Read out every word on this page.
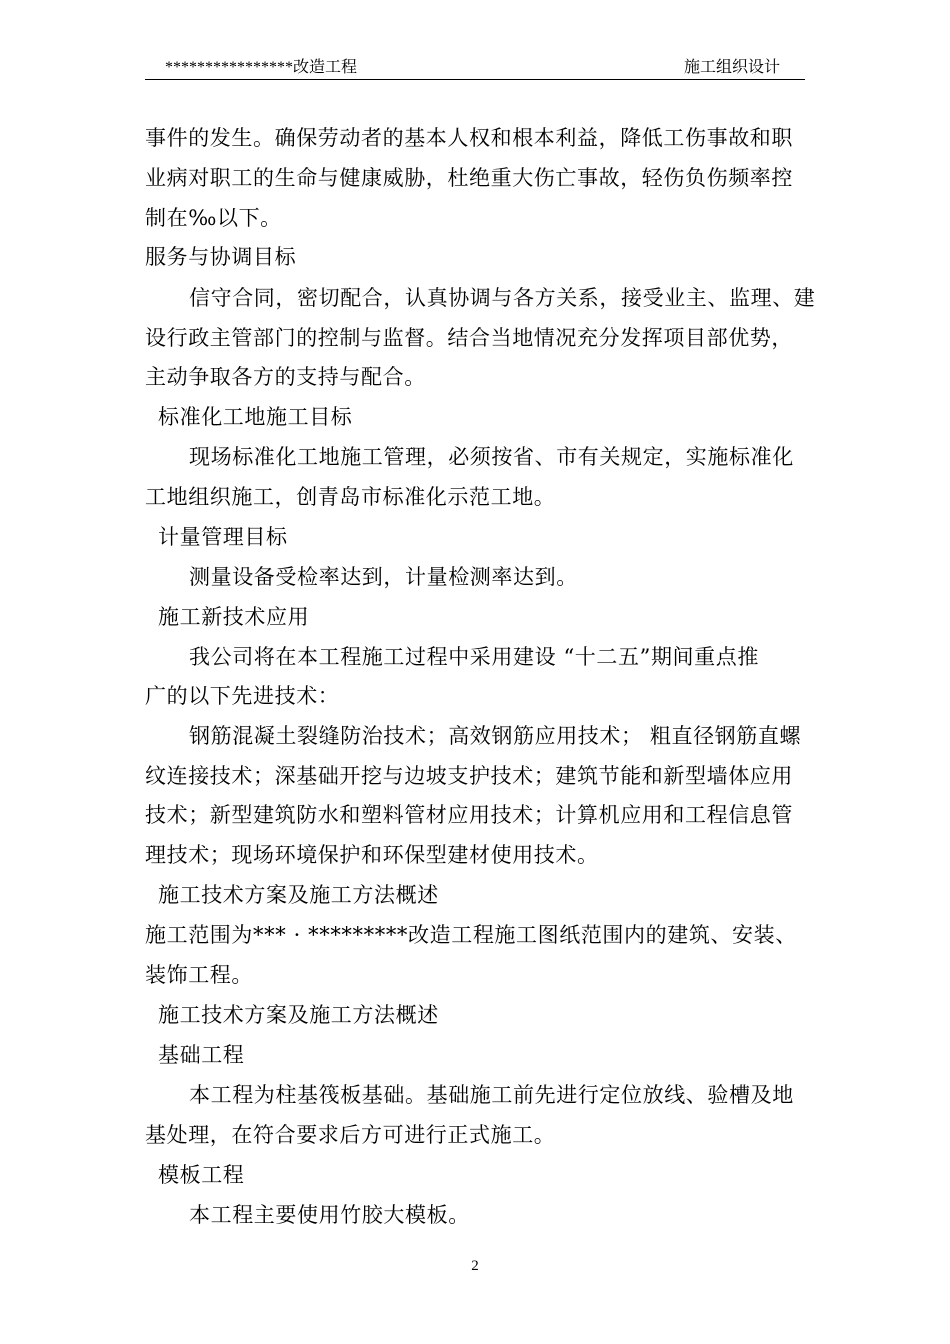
****************改造工程	施工组织设计
事件的发生。确保劳动者的基本人权和根本利益，降低工伤事故和职
业病对职工的生命与健康威胁，杜绝重大伤亡事故，轻伤负伤频率控
制在‰以下。
服务与协调目标
信守合同，密切配合，认真协调与各方关系，接受业主、监理、建
设行政主管部门的控制与监督。结合当地情况充分发挥项目部优势，
主动争取各方的支持与配合。
标准化工地施工目标
现场标准化工地施工管理，必须按省、市有关规定，实施标准化
工地组织施工，创青岛市标准化示范工地。
计量管理目标
测量设备受检率达到，计量检测率达到。
施工新技术应用
我公司将在本工程施工过程中采用建设 “十二五”期间重点推
广的以下先进技术：
钢筋混凝土裂缝防治技术；高效钢筋应用技术； 粗直径钢筋直螺
纹连接技术；深基础开挖与边坡支护技术；建筑节能和新型墙体应用
技术；新型建筑防水和塑料管材应用技术；计算机应用和工程信息管
理技术；现场环境保护和环保型建材使用技术。
施工技术方案及施工方法概述
施工范围为*** · *********改造工程施工图纸范围内的建筑、安装、
装饰工程。
施工技术方案及施工方法概述
基础工程
本工程为柱基筏板基础。基础施工前先进行定位放线、验槽及地
基处理，在符合要求后方可进行正式施工。
模板工程
本工程主要使用竹胶大模板。
2
